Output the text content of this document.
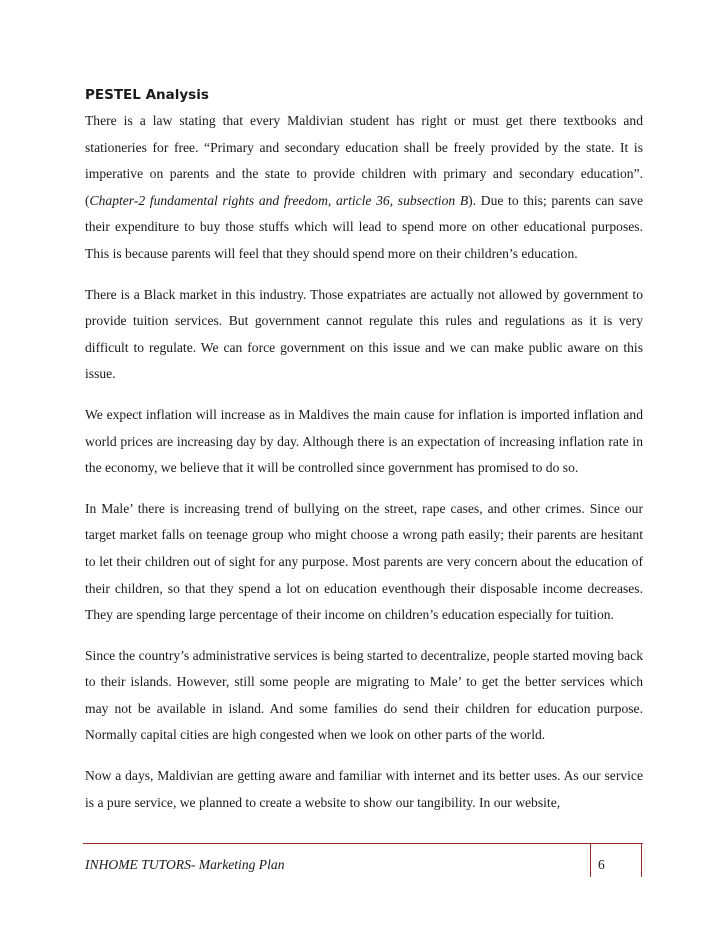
PESTEL Analysis

There is a law stating that every Maldivian student has right or must get there textbooks and stationeries for free. “Primary and secondary education shall be freely provided by the state. It is imperative on parents and the state to provide children with primary and secondary education”. (Chapter-2 fundamental rights and freedom, article 36, subsection B). Due to this; parents can save their expenditure to buy those stuffs which will lead to spend more on other educational purposes. This is because parents will feel that they should spend more on their children’s education.

There is a Black market in this industry. Those expatriates are actually not allowed by government to provide tuition services. But government cannot regulate this rules and regulations as it is very difficult to regulate. We can force government on this issue and we can make public aware on this issue.

We expect inflation will increase as in Maldives the main cause for inflation is imported inflation and world prices are increasing day by day. Although there is an expectation of increasing inflation rate in the economy, we believe that it will be controlled since government has promised to do so.

In Male’ there is increasing trend of bullying on the street, rape cases, and other crimes. Since our target market falls on teenage group who might choose a wrong path easily; their parents are hesitant to let their children out of sight for any purpose. Most parents are very concern about the education of their children, so that they spend a lot on education eventhough their disposable income decreases. They are spending large percentage of their income on children’s education especially for tuition.

Since the country’s administrative services is being started to decentralize, people started moving back to their islands. However, still some people are migrating to Male’ to get the better services which may not be available in island. And some families do send their children for education purpose. Normally capital cities are high congested when we look on other parts of the world.

Now a days, Maldivian are getting aware and familiar with internet and its better uses. As our service is a pure service, we planned to create a website to show our tangibility. In our website,

INHOME TUTORS- Marketing Plan	6
